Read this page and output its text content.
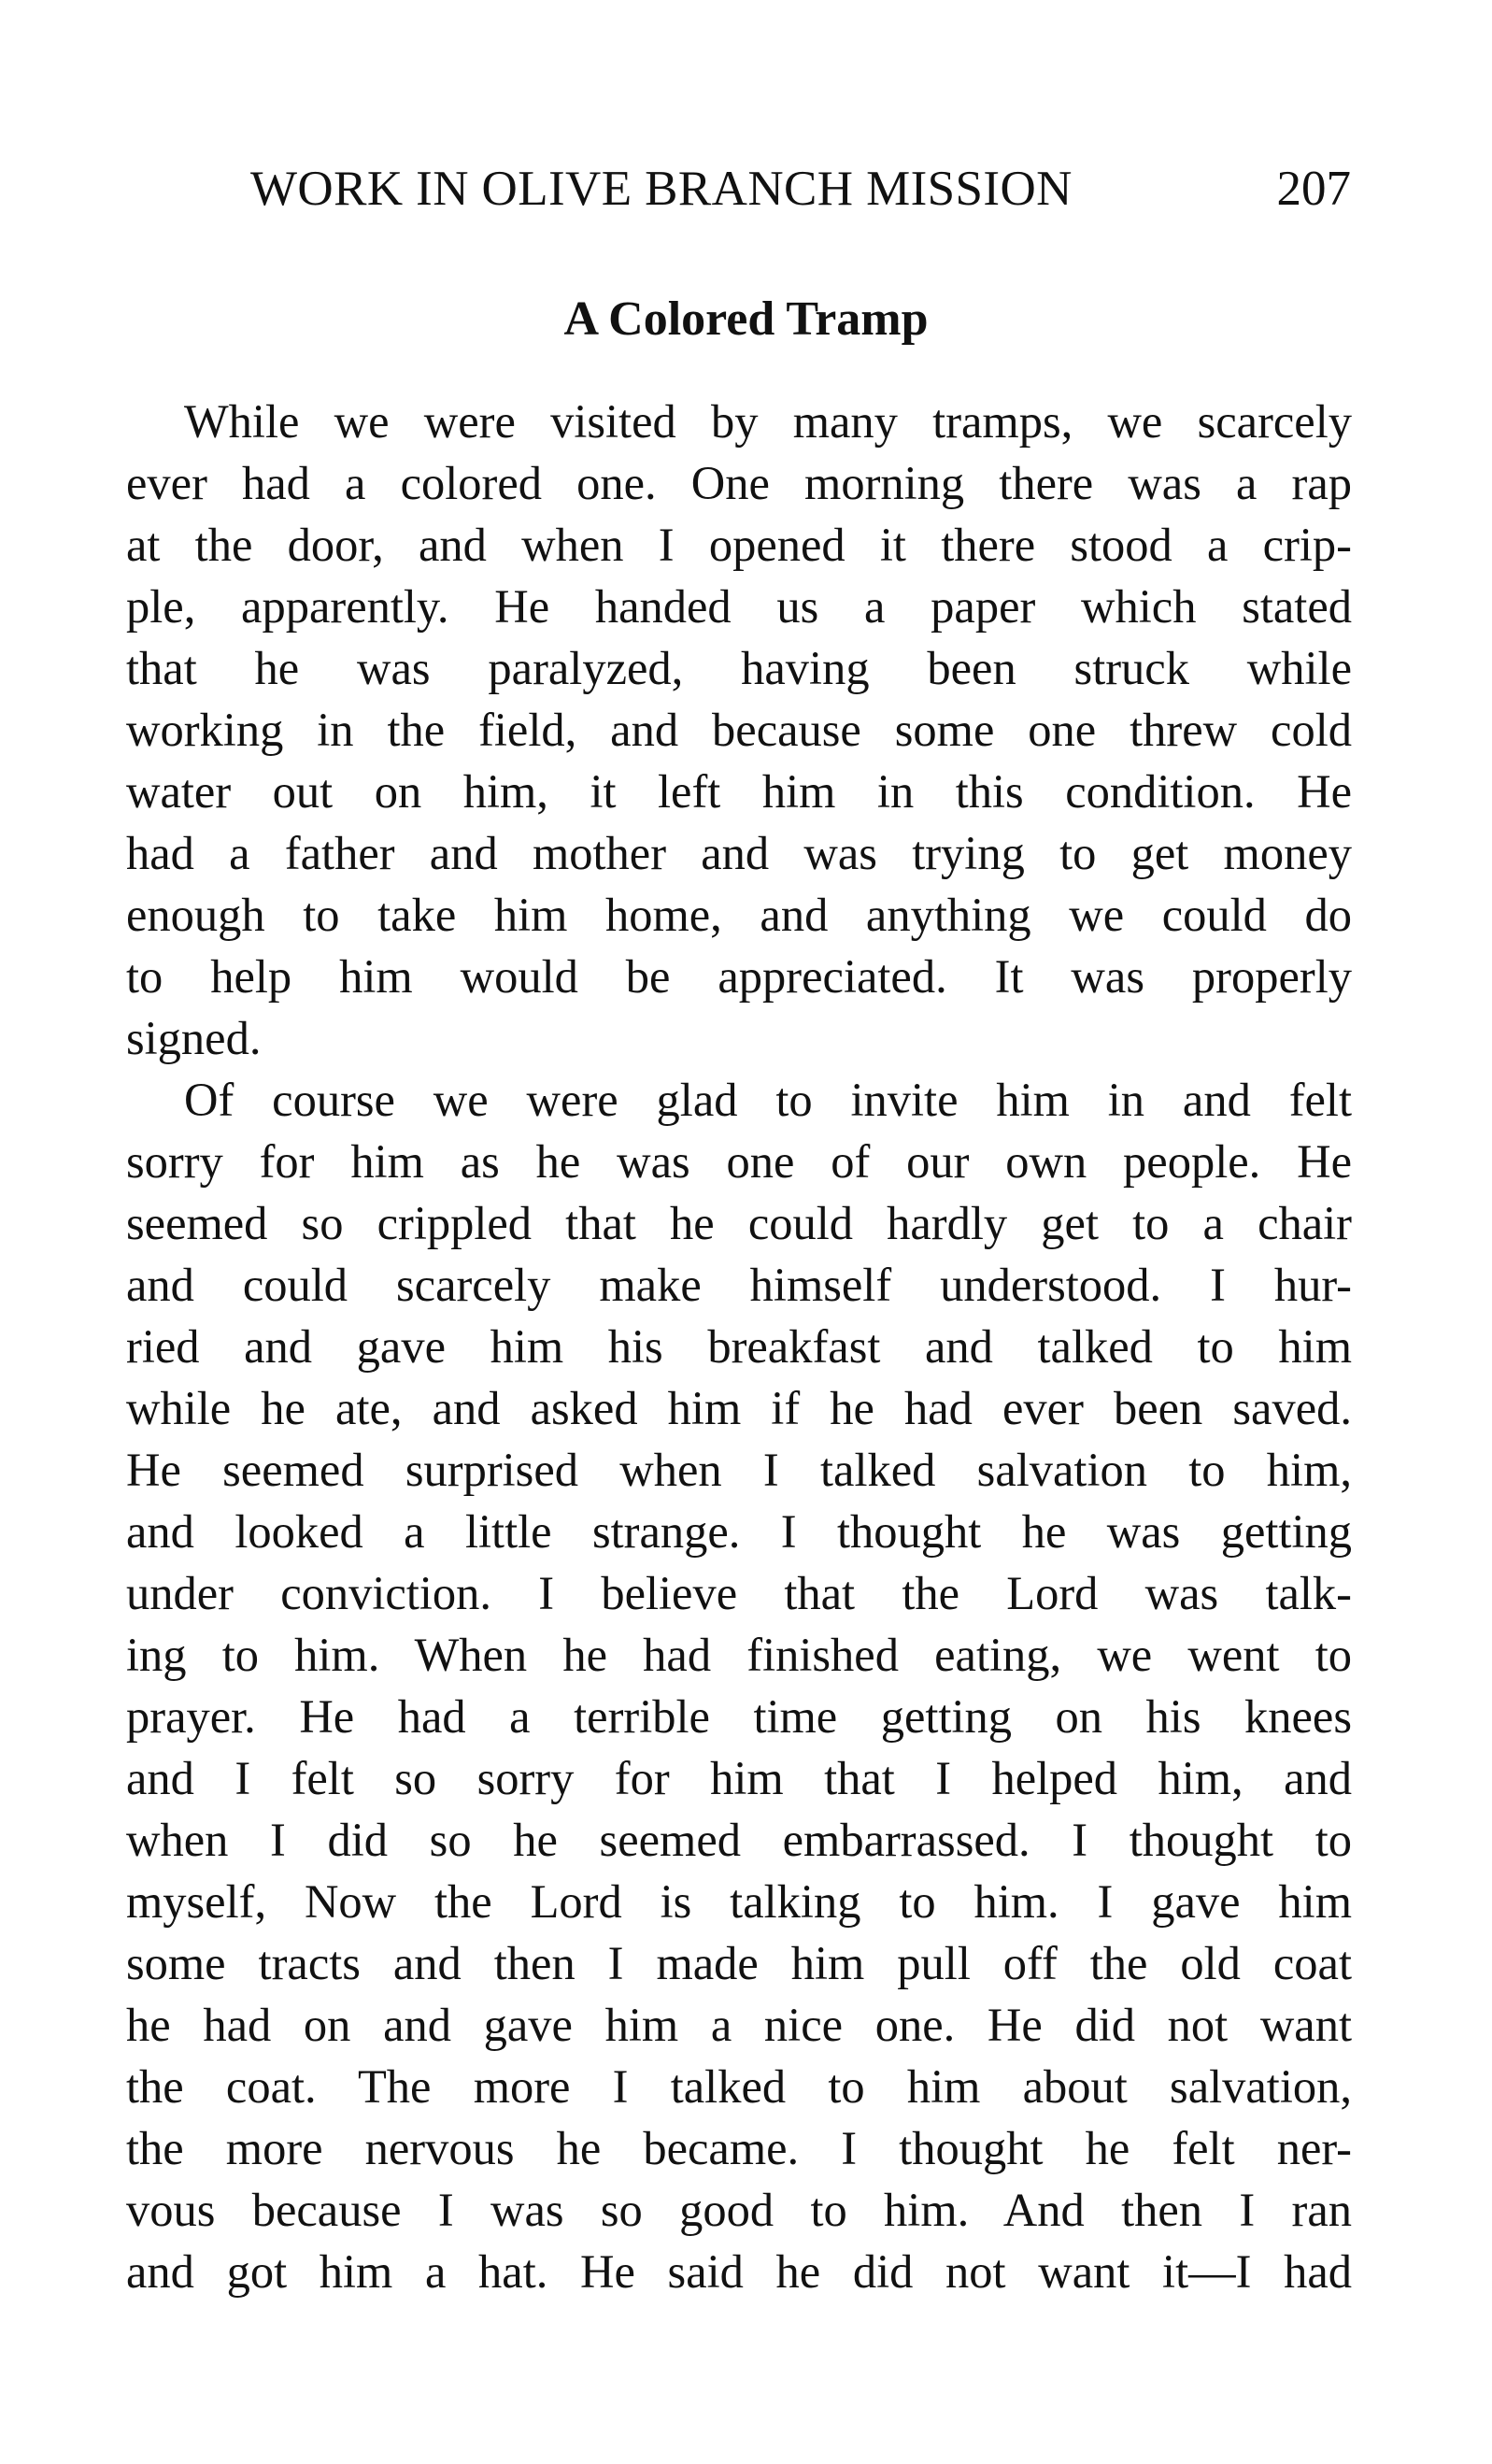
WORK IN OLIVE BRANCH MISSION	207
A Colored Tramp
While we were visited by many tramps, we scarcely
ever had a colored one. One morning there was a rap
at the door, and when I opened it there stood a crip-
ple, apparently. He handed us a paper which stated
that he was paralyzed, having been struck while
working in the field, and because some one threw cold
water out on him, it left him in this condition. He
had a father and mother and was trying to get money
enough to take him home, and anything we could do
to help him would be appreciated. It was properly
signed.
Of course we were glad to invite him in and felt
sorry for him as he was one of our own people. He
seemed so crippled that he could hardly get to a chair
and could scarcely make himself understood. I hur-
ried and gave him his breakfast and talked to him
while he ate, and asked him if he had ever been saved.
He seemed surprised when I talked salvation to him,
and looked a little strange. I thought he was getting
under conviction. I believe that the Lord was talk-
ing to him. When he had finished eating, we went to
prayer. He had a terrible time getting on his knees
and I felt so sorry for him that I helped him, and
when I did so he seemed embarrassed. I thought to
myself, Now the Lord is talking to him. I gave him
some tracts and then I made him pull off the old coat
he had on and gave him a nice one. He did not want
the coat. The more I talked to him about salvation,
the more nervous he became. I thought he felt ner-
vous because I was so good to him. And then I ran
and got him a hat. He said he did not want it—I had
